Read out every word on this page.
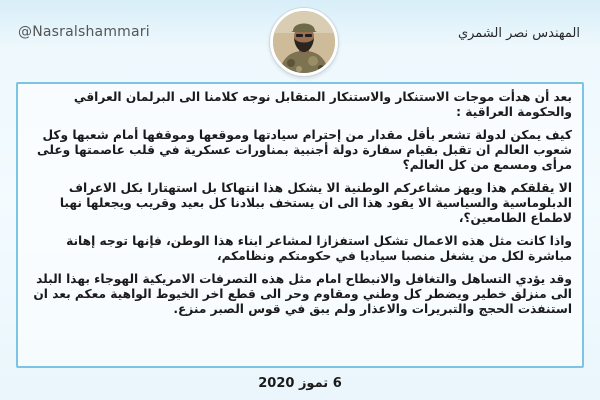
@Nasralshammari	المهندس نصر الشمري

بعد أن هدأت موجات الاستنكار والاستنكار المتقابل نوجه كلامنا الى البرلمان العراقي والحكومة العراقية :

كيف يمكن لدولة تشعر بأقل مقدار من إحترام سيادتها وموقعها وموقفها أمام شعبها وكل شعوب العالم ان تقبل بقيام سفارة دولة أجنبية بمناورات عسكرية في قلب عاصمتها وعلى مرأى ومسمع من كل العالم؟

الا يقلقكم هذا ويهز مشاعركم الوطنية الا يشكل هذا انتهاكا بل استهتارا بكل الاعراف الدبلوماسية والسياسية الا يقود هذا الى ان يستخف ببلادنا كل بعيد وقريب ويجعلها نهبا لاطماع الطامعين؟،

واذا كانت مثل هذه الاعمال تشكل استفزازا لمشاعر ابناء هذا الوطن، فإنها توجه إهانة مباشرة لكل من يشغل منصبا سياديا في حكومتكم ونظامكم،

وقد يؤدي التساهل والتغافل والانبطاح امام مثل هذه التصرفات الامريكية الهوجاء بهذا البلد الى منزلق خطير ويضطر كل وطني ومقاوم وحر الى قطع اخر الخيوط الواهية معكم بعد ان استنفذت الحجج والتبريرات والاعذار ولم يبق في قوس الصبر منزع.

6 تموز 2020
